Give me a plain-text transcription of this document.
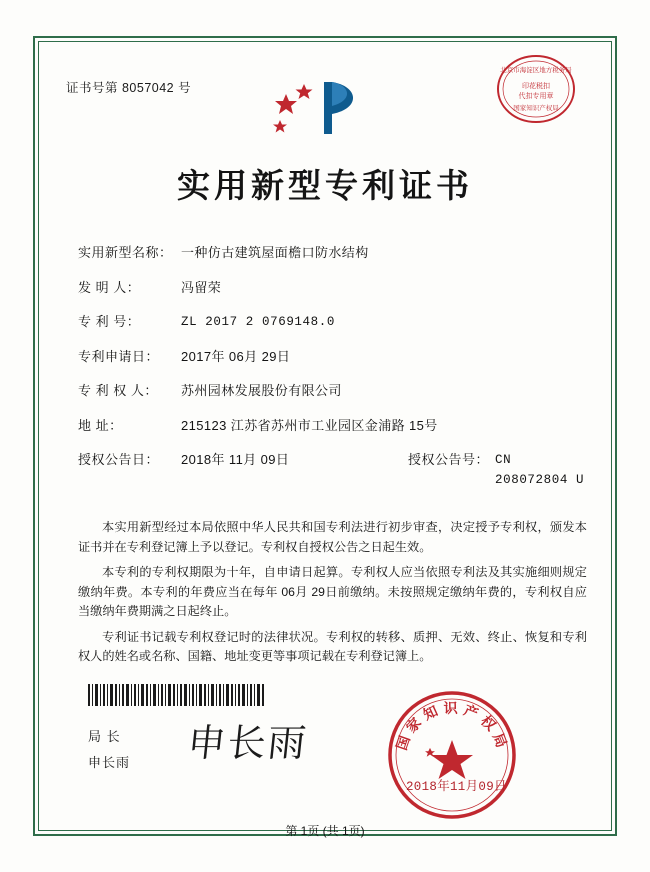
证书号第 8057042 号
北京市海淀区地方税务局
印花税扣
代扣专用章
国家知识产权局
实用新型专利证书
实用新型名称： 一种仿古建筑屋面檐口防水结构
发 明 人：	冯留荣
专 利 号：	ZL 2017 2 0769148.0
专利申请日：	2017年 06月 29日
专 利 权 人：	苏州园林发展股份有限公司
地 址：	215123 江苏省苏州市工业园区金浦路 15号
授权公告日：	2018年 11月 09日	授权公告号： CN 208072804 U

本实用新型经过本局依照中华人民共和国专利法进行初步审查，决定授予专利权，颁发本证书并在专利登记簿上予以登记。专利权自授权公告之日起生效。

本专利的专利权期限为十年，自申请日起算。专利权人应当依照专利法及其实施细则规定缴纳年费。本专利的年费应当在每年 06月 29日前缴纳。未按照规定缴纳年费的，专利权自应当缴纳年费期满之日起终止。

专利证书记载专利权登记时的法律状况。专利权的转移、质押、无效、终止、恢复和专利权人的姓名或名称、国籍、地址变更等事项记载在专利登记簿上。

局 长
申长雨 申长雨	国 家 知 识 产 权 局
2018年11月09日
第 1页 (共 1页)
